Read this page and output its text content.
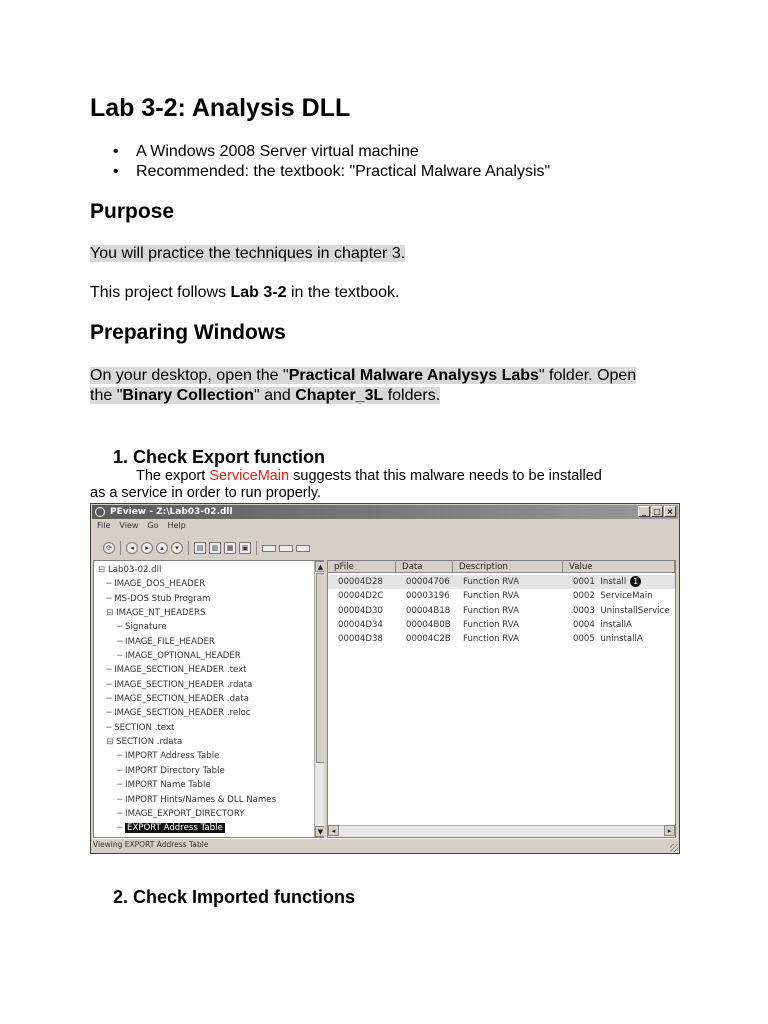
Lab 3-2: Analysis DLL
• A Windows 2008 Server virtual machine
• Recommended: the textbook: "Practical Malware Analysis"
Purpose
You will practice the techniques in chapter 3.
This project follows Lab 3-2 in the textbook.
Preparing Windows
On your desktop, open the "Practical Malware Analysys Labs" folder. Open
the "Binary Collection" and Chapter_3L folders.
1. Check Export function
The export ServiceMain suggests that this malware needs to be installed
as a service in order to run properly.
PEview - Z:\Lab03-02.dll	_ □ ×
File View Go Help
⟳	◂	▸	▴	▾	▤	▥	▦	▣
⊟ Lab03-02.dll
─ IMAGE_DOS_HEADER
─ MS-DOS Stub Program
⊟ IMAGE_NT_HEADERS
─ Signature
─ IMAGE_FILE_HEADER
─ IMAGE_OPTIONAL_HEADER
─ IMAGE_SECTION_HEADER .text
─ IMAGE_SECTION_HEADER .rdata
─ IMAGE_SECTION_HEADER .data
─ IMAGE_SECTION_HEADER .reloc
─ SECTION .text
⊟ SECTION .rdata
─ IMPORT Address Table
─ IMPORT Directory Table
─ IMPORT Name Table
─ IMPORT Hints/Names & DLL Names
─ IMAGE_EXPORT_DIRECTORY
─ EXPORT Address Table
▲
▼
pFile	Data	Description	Value
00004D28	00004706	Function RVA	0001  Install 1
00004D2C	00003196	Function RVA	0002  ServiceMain
00004D30	00004B18	Function RVA	0003  UninstallService
00004D34	00004B0B	Function RVA	0004  installA
00004D38	00004C2B	Function RVA	0005  uninstallA
◂	▸
Viewing EXPORT Address Table
2. Check Imported functions
